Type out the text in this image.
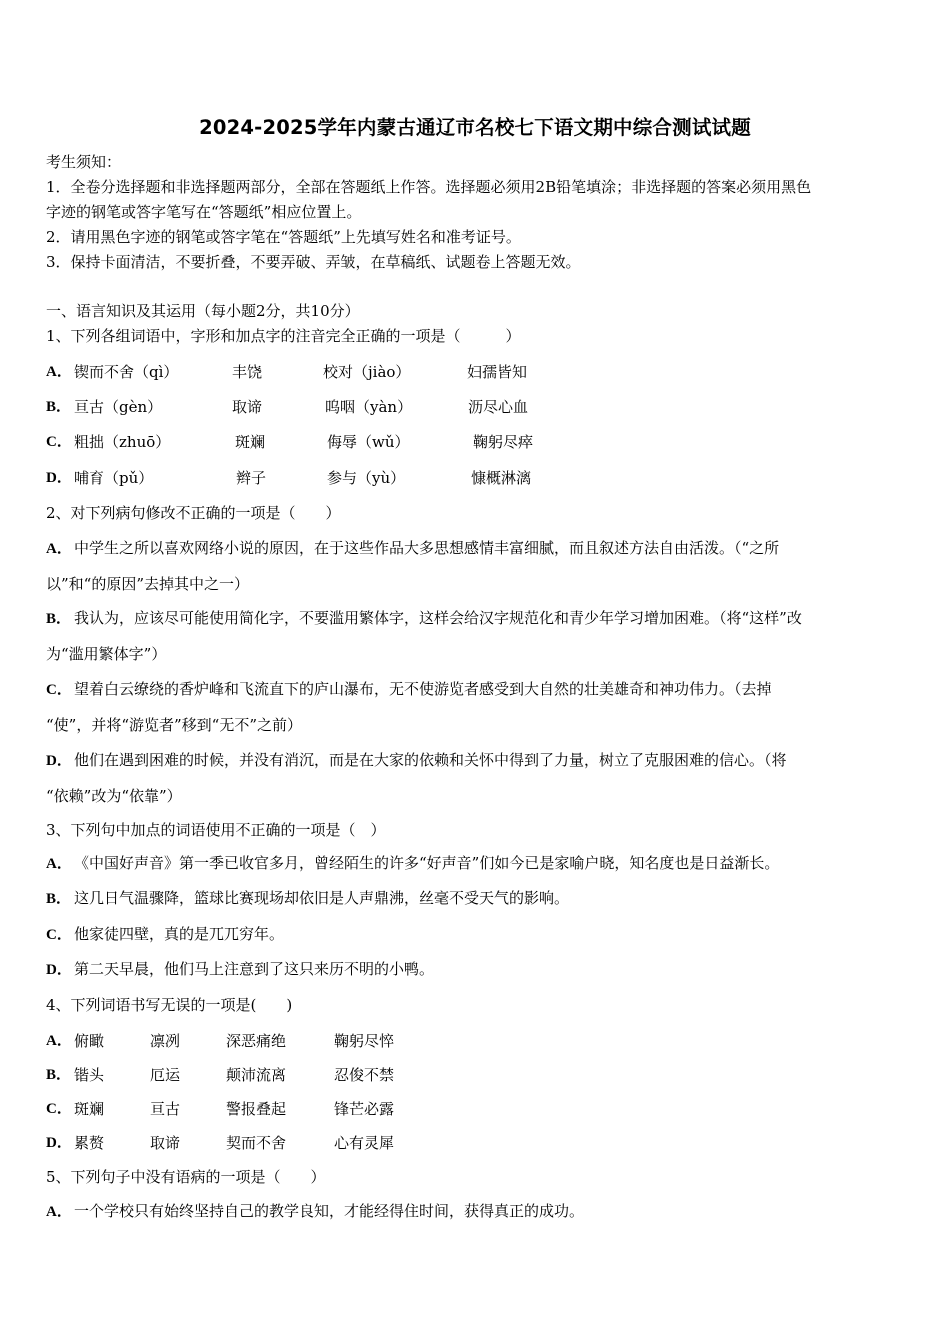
2024-2025学年内蒙古通辽市名校七下语文期中综合测试试题
考生须知：
1．全卷分选择题和非选择题两部分，全部在答题纸上作答。选择题必须用2B铅笔填涂；非选择题的答案必须用黑色
字迹的钢笔或答字笔写在“答题纸”相应位置上。
2．请用黑色字迹的钢笔或答字笔在“答题纸”上先填写姓名和准考证号。
3．保持卡面清洁，不要折叠，不要弄破、弄皱，在草稿纸、试题卷上答题无效。
一、语言知识及其运用（每小题2分，共10分）
1、下列各组词语中，字形和加点字的注音完全正确的一项是（　　　）
A． 锲而不舍（qì）	丰饶	校对（jiào）	妇孺皆知
B． 亘古（gèn）	取谛	呜咽（yàn）	沥尽心血
C． 粗拙（zhuō）	斑斓	侮辱（wǔ）	鞠躬尽瘁
D． 哺育（pǔ）	辫子	参与（yù）	慷概淋漓
2、对下列病句修改不正确的一项是（　　）
A． 中学生之所以喜欢网络小说的原因，在于这些作品大多思想感情丰富细腻，而且叙述方法自由活泼。（“之所
以”和“的原因”去掉其中之一）
B． 我认为，应该尽可能使用简化字，不要滥用繁体字，这样会给汉字规范化和青少年学习增加困难。（将“这样”改
为“滥用繁体字”）
C． 望着白云缭绕的香炉峰和飞流直下的庐山瀑布，无不使游览者感受到大自然的壮美雄奇和神功伟力。（去掉
“使”，并将“游览者”移到“无不”之前）
D． 他们在遇到困难的时候，并没有消沉，而是在大家的依赖和关怀中得到了力量，树立了克服困难的信心。（将
“依赖”改为“依靠”）
3、下列句中加点的词语使用不正确的一项是（　）
A． 《中国好声音》第一季已收官多月，曾经陌生的许多“好声音”们如今已是家喻户晓，知名度也是日益渐长。
B． 这几日气温骤降，篮球比赛现场却依旧是人声鼎沸，丝毫不受天气的影响。
C． 他家徒四壁，真的是兀兀穷年。
D． 第二天早晨，他们马上注意到了这只来历不明的小鸭。
4、下列词语书写无误的一项是(　　)
A． 俯瞰	凛冽	深恶痛绝	鞠躬尽悴
B． 锴头	厄运	颠沛流离	忍俊不禁
C． 斑斓	亘古	警报叠起	锋芒必露
D． 累赘	取谛	契而不舍	心有灵犀
5、下列句子中没有语病的一项是（　　）
A． 一个学校只有始终坚持自己的教学良知，才能经得住时间，获得真正的成功。
